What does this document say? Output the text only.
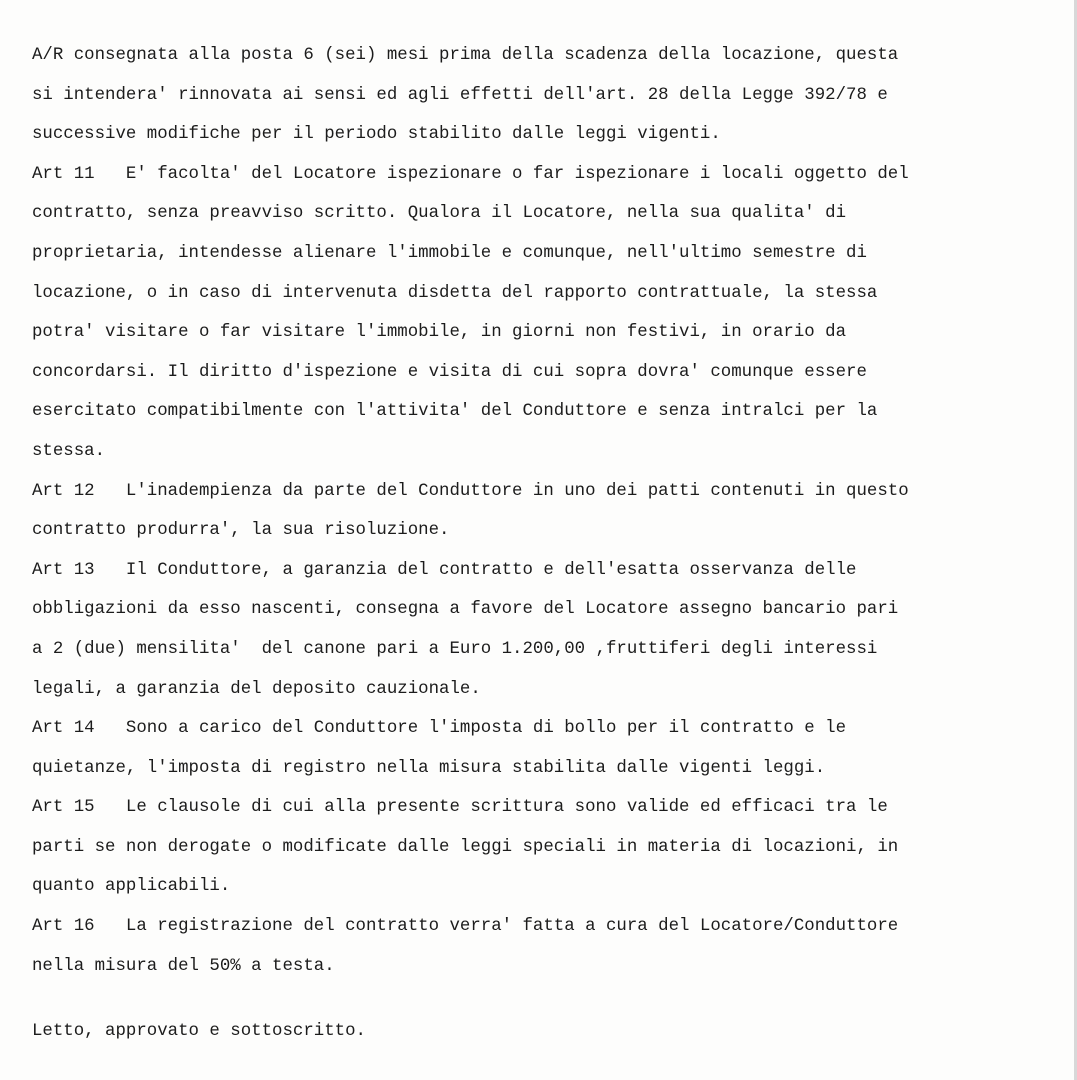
A/R consegnata alla posta 6 (sei) mesi prima della scadenza della locazione, questa
si intendera' rinnovata ai sensi ed agli effetti dell'art. 28 della Legge 392/78 e
successive modifiche per il periodo stabilito dalle leggi vigenti.
Art 11   E' facolta' del Locatore ispezionare o far ispezionare i locali oggetto del
contratto, senza preavviso scritto. Qualora il Locatore, nella sua qualita' di
proprietaria, intendesse alienare l'immobile e comunque, nell'ultimo semestre di
locazione, o in caso di intervenuta disdetta del rapporto contrattuale, la stessa
potra' visitare o far visitare l'immobile, in giorni non festivi, in orario da
concordarsi. Il diritto d'ispezione e visita di cui sopra dovra' comunque essere
esercitato compatibilmente con l'attivita' del Conduttore e senza intralci per la
stessa.
Art 12   L'inadempienza da parte del Conduttore in uno dei patti contenuti in questo
contratto produrra', la sua risoluzione.
Art 13   Il Conduttore, a garanzia del contratto e dell'esatta osservanza delle
obbligazioni da esso nascenti, consegna a favore del Locatore assegno bancario pari
a 2 (due) mensilita'  del canone pari a Euro 1.200,00 ,fruttiferi degli interessi
legali, a garanzia del deposito cauzionale.
Art 14   Sono a carico del Conduttore l'imposta di bollo per il contratto e le
quietanze, l'imposta di registro nella misura stabilita dalle vigenti leggi.
Art 15   Le clausole di cui alla presente scrittura sono valide ed efficaci tra le
parti se non derogate o modificate dalle leggi speciali in materia di locazioni, in
quanto applicabili.
Art 16   La registrazione del contratto verra' fatta a cura del Locatore/Conduttore
nella misura del 50% a testa.
Letto, approvato e sottoscritto.
